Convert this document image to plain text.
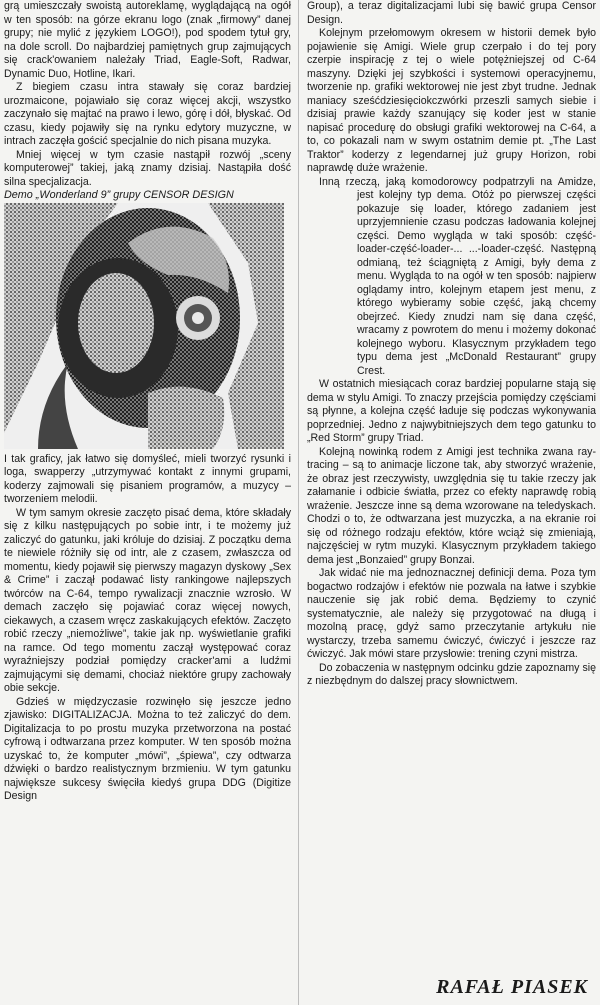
grą umieszczały swoistą autoreklamę, wyglądającą na ogół w ten sposób: na górze ekranu logo (znak „firmowy” danej grupy; nie mylić z językiem LOGO!), pod spodem tytuł gry, na dole scroll. Do najbardziej pamiętnych grup zajmujących się crack'owaniem należały Triad, Eagle-Soft, Radwar, Dynamic Duo, Hotline, Ikari.

Z biegiem czasu intra stawały się coraz bardziej urozmaicone, pojawiało się coraz więcej akcji, wszystko zaczynało się majtać na prawo i lewo, górę i dół, błyskać. Od czasu, kiedy pojawiły się na rynku edytory muzyczne, w intrach zaczęła gościć specjalnie do nich pisana muzyka.

Mniej więcej w tym czasie nastąpił rozwój „sceny komputerowej” takiej, jaką znamy dzisiaj. Nastąpiła dość silna specjalizacja.

Demo „Wonderland 9” grupy CENSOR DESIGN

I tak graficy, jak łatwo się domyśleć, mieli tworzyć rysunki i loga, swapperzy „utrzymywać kontakt z innymi grupami, koderzy zajmowali się pisaniem programów, a muzycy – tworzeniem melodii.

W tym samym okresie zaczęto pisać dema, które składały się z kilku następujących po sobie intr, i te możemy już zaliczyć do gatunku, jaki króluje do dzisiaj. Z początku dema te niewiele różniły się od intr, ale z czasem, zwłaszcza od momentu, kiedy pojawił się pierwszy magazyn dyskowy „Sex & Crime” i zaczął podawać listy rankingowe najlepszych twórców na C-64, tempo rywalizacji znacznie wzrosło. W demach zaczęło się pojawiać coraz więcej nowych, ciekawych, a czasem wręcz zaskakujących efektów. Zaczęto robić rzeczy „niemożliwe”, takie jak np. wyświetlanie grafiki na ramce. Od tego momentu zaczął występować coraz wyraźniejszy podział pomiędzy cracker'ami a ludźmi zajmującymi się demami, chociaż niektóre grupy zachowały obie sekcje.

Gdzieś w międzyczasie rozwinęło się jeszcze jedno zjawisko: DIGITALIZACJA. Można to też zaliczyć do dem. Digitalizacja to po prostu muzyka przetworzona na postać cyfrową i odtwarzana przez komputer. W ten sposób można uzyskać to, że komputer „mówi”, „śpiewa”, czy odtwarza dźwięki o bardzo realistycznym brzmieniu. W tym gatunku największe sukcesy święciła kiedyś grupa DDG (Digitize Design

Group), a teraz digitalizacjami lubi się bawić grupa Censor Design.

Kolejnym przełomowym okresem w historii demek było pojawienie się Amigi. Wiele grup czerpało i do tej pory czerpie inspirację z tej o wiele potężniejszej od C-64 maszyny. Dzięki jej szybkości i systemowi operacyjnemu, tworzenie np. grafiki wektorowej nie jest zbyt trudne. Jednak maniacy sześćdziesięciokczwórki przeszli samych siebie i dzisiaj prawie każdy szanujący się koder jest w stanie napisać procedurę do obsługi grafiki wektorowej na C-64, a to, co pokazali nam w swym ostatnim demie pt. „The Last Traktor” koderzy z legendarnej już grupy Horizon, robi naprawdę duże wrażenie.

Inną rzeczą, jaką komodorowcy podpatrzyli na Amidze, jest kolejny typ dema. Otóż po pierwszej części pokazuje się loader, którego zadaniem jest uprzyjemnienie czasu podczas ładowania kolejnej części. Demo wygląda w taki sposób: część-loader-część-loader-... ...-loader-część. Następną odmianą, też ściągniętą z Amigi, były dema z menu. Wygląda to na ogół w ten sposób: najpierw oglądamy intro, kolejnym etapem jest menu, z którego wybieramy sobie część, jaką chcemy obejrzeć. Kiedy znudzi nam się dana część, wracamy z powrotem do menu i możemy dokonać kolejnego wyboru. Klasycznym przykładem tego typu dema jest „McDonald Restaurant” grupy Crest.

W ostatnich miesiącach coraz bardziej popularne stają się dema w stylu Amigi. To znaczy przejścia pomiędzy częściami są płynne, a kolejna część ładuje się podczas wykonywania poprzedniej. Jedno z najwybitniejszych dem tego gatunku to „Red Storm” grupy Triad.

Kolejną nowinką rodem z Amigi jest technika zwana ray-tracing – są to animacje liczone tak, aby stworzyć wrażenie, że obraz jest rzeczywisty, uwzględnia się tu takie rzeczy jak załamanie i odbicie światła, przez co efekty naprawdę robią wrażenie. Jeszcze inne są dema wzorowane na teledyskach. Chodzi o to, że odtwarzana jest muzyczka, a na ekranie roi się od różnego rodzaju efektów, które wciąż się zmieniają, najczęściej w rytm muzyki. Klasycznym przykładem takiego dema jest „Bonzaied” grupy Bonzai.

Jak widać nie ma jednoznacznej definicji dema. Poza tym bogactwo rodzajów i efektów nie pozwala na łatwe i szybkie nauczenie się jak robić dema. Będziemy to czynić systematycznie, ale należy się przygotować na długą i mozolną pracę, gdyż samo przeczytanie artykułu nie wystarczy, trzeba samemu ćwiczyć, ćwiczyć i jeszcze raz ćwiczyć. Jak mówi stare przysłowie: trening czyni mistrza.

Do zobaczenia w następnym odcinku gdzie zapoznamy się z niezbędnym do dalszej pracy słownictwem.

RAFAŁ PIASEK
